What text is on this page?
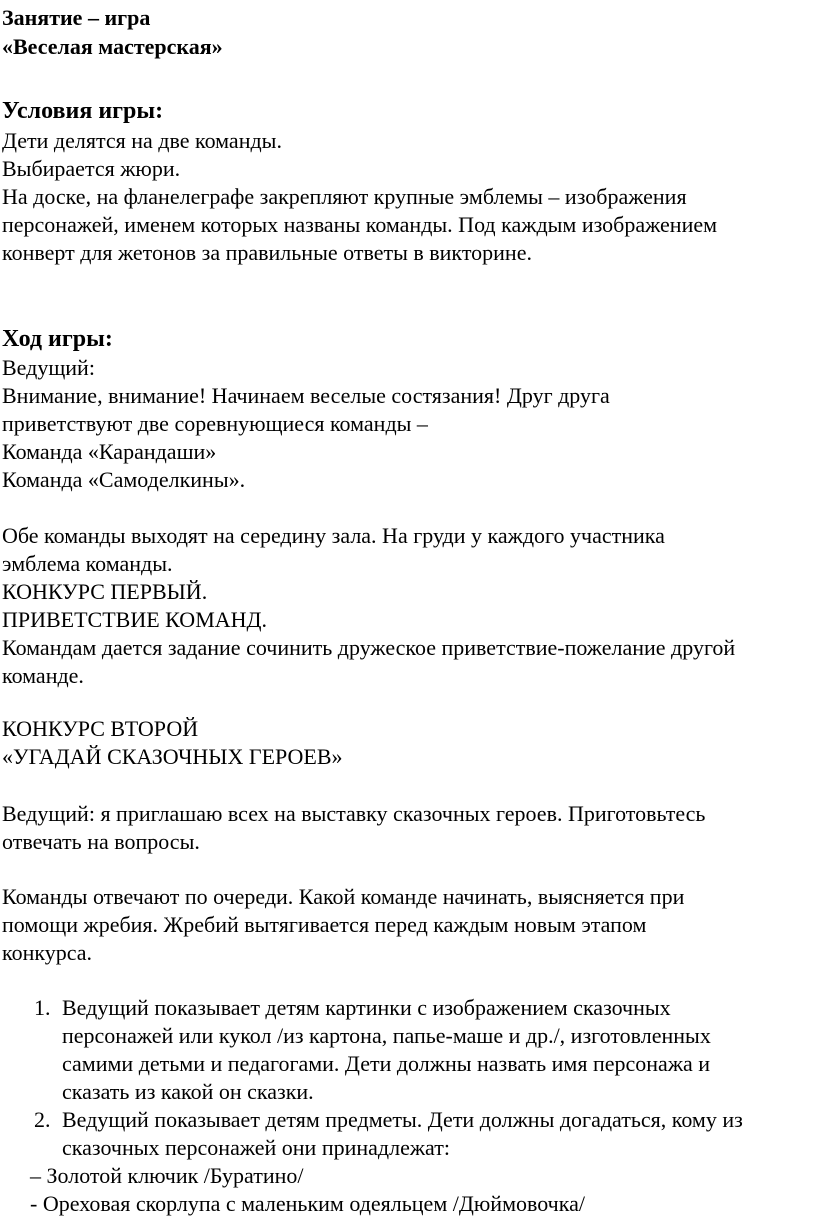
Занятие – игра
«Веселая мастерская»
Условия игры:
Дети делятся на две команды.
Выбирается жюри.
На доске, на фланелеграфе закрепляют крупные эмблемы – изображения
персонажей, именем которых названы команды. Под каждым изображением
конверт для жетонов за правильные ответы в викторине.
Ход игры:
Ведущий:
Внимание, внимание! Начинаем веселые состязания! Друг друга
приветствуют две соревнующиеся команды –
Команда «Карандаши»
Команда «Самоделкины».
Обе команды выходят на середину зала. На груди у каждого участника
эмблема команды.
КОНКУРС ПЕРВЫЙ.
ПРИВЕТСТВИЕ КОМАНД.
Командам дается задание сочинить дружеское приветствие-пожелание другой
команде.
КОНКУРС ВТОРОЙ
«УГАДАЙ СКАЗОЧНЫХ ГЕРОЕВ»
Ведущий: я приглашаю всех на выставку сказочных героев. Приготовьтесь
отвечать на вопросы.
Команды отвечают по очереди. Какой команде начинать, выясняется при
помощи жребия. Жребий вытягивается перед каждым новым этапом
конкурса.
1. Ведущий показывает детям картинки с изображением сказочных
персонажей или кукол /из картона, папье-маше и др./, изготовленных
самими детьми и педагогами. Дети должны назвать имя персонажа и
сказать из какой он сказки.
2. Ведущий показывает детям предметы. Дети должны догадаться, кому из
сказочных персонажей они принадлежат:
– Золотой ключик /Буратино/
- Ореховая скорлупа с маленьким одеяльцем /Дюймовочка/
